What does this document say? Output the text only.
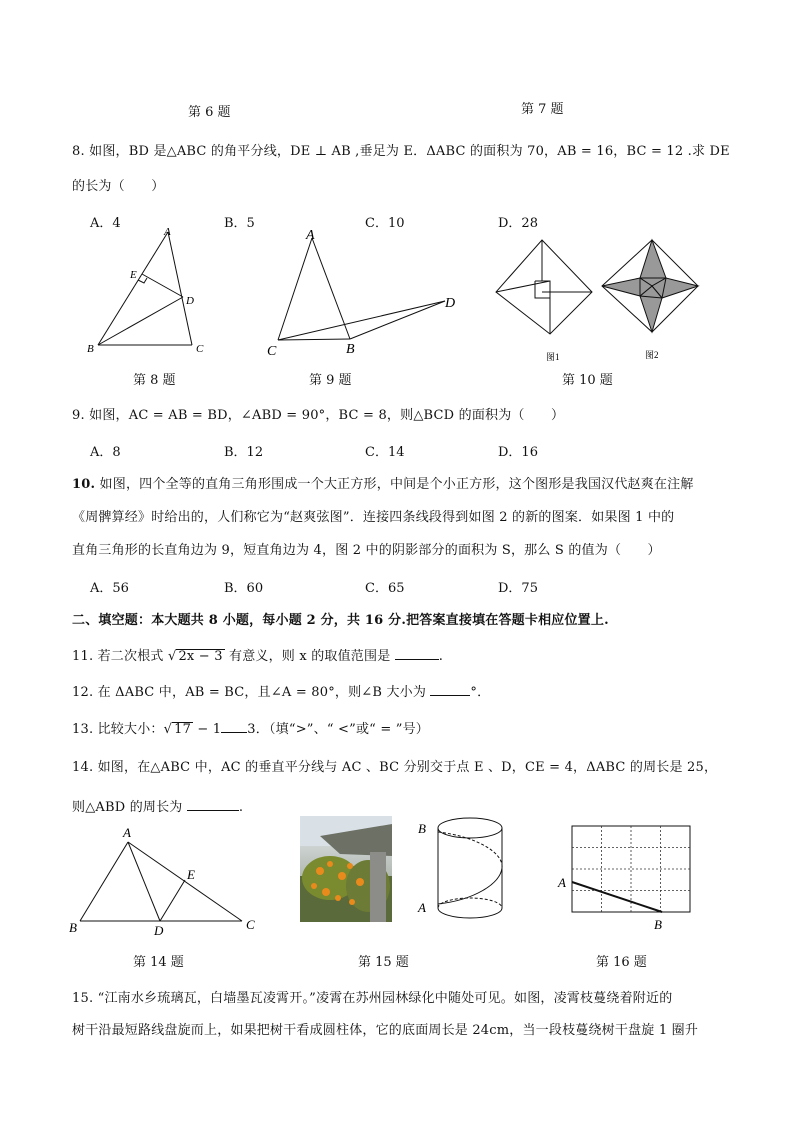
第 6 题	第 7 题
8. 如图，BD 是△ABC 的角平分线，DE ⊥ AB ,垂足为 E．ΔABC 的面积为 70，AB = 16，BC = 12 .求 DE
的长为（　　）
A．4	B．5	C．10	D．28
A
E
D
B	C
第 8 题
A
C	B
D
第 9 题
图1	图2
第 10 题
9. 如图，AC = AB = BD，∠ABD = 90°，BC = 8，则△BCD 的面积为（　　）
A．8	B．12	C．14	D．16
10. 如图，四个全等的直角三角形围成一个大正方形，中间是个小正方形，这个图形是我国汉代赵爽在注解
《周髀算经》时给出的，人们称它为“赵爽弦图”．连接四条线段得到如图 2 的新的图案．如果图 1 中的
直角三角形的长直角边为 9，短直角边为 4，图 2 中的阴影部分的面积为 S，那么 S 的值为（　　）
A．56	B．60	C．65	D．75
二、填空题：本大题共 8 小题，每小题 2 分，共 16 分.把答案直接填在答题卡相应位置上.
11. 若二次根式 √ 2x − 3 有意义，则 x 的取值范围是	.
12. 在 ΔABC 中，AB = BC，且∠A = 80°，则∠B 大小为	°．
13. 比较大小：√ 17 − 1 3．（填“>”、“ <”或“ = ”号）
14. 如图，在△ABC 中，AC 的垂直平分线与 AC 、BC 分别交于点 E 、D，CE = 4，ΔABC 的周长是 25，
则△ABD 的周长为	.
A
E
B	D	C
第 14 题
B
A
第 15 题
A
B
第 16 题
15. “江南水乡琉璃瓦，白墙墨瓦凌霄开。”凌霄在苏州园林绿化中随处可见。如图，凌霄枝蔓绕着附近的
树干沿最短路线盘旋而上，如果把树干看成圆柱体，它的底面周长是 24cm，当一段枝蔓绕树干盘旋 1 圈升
